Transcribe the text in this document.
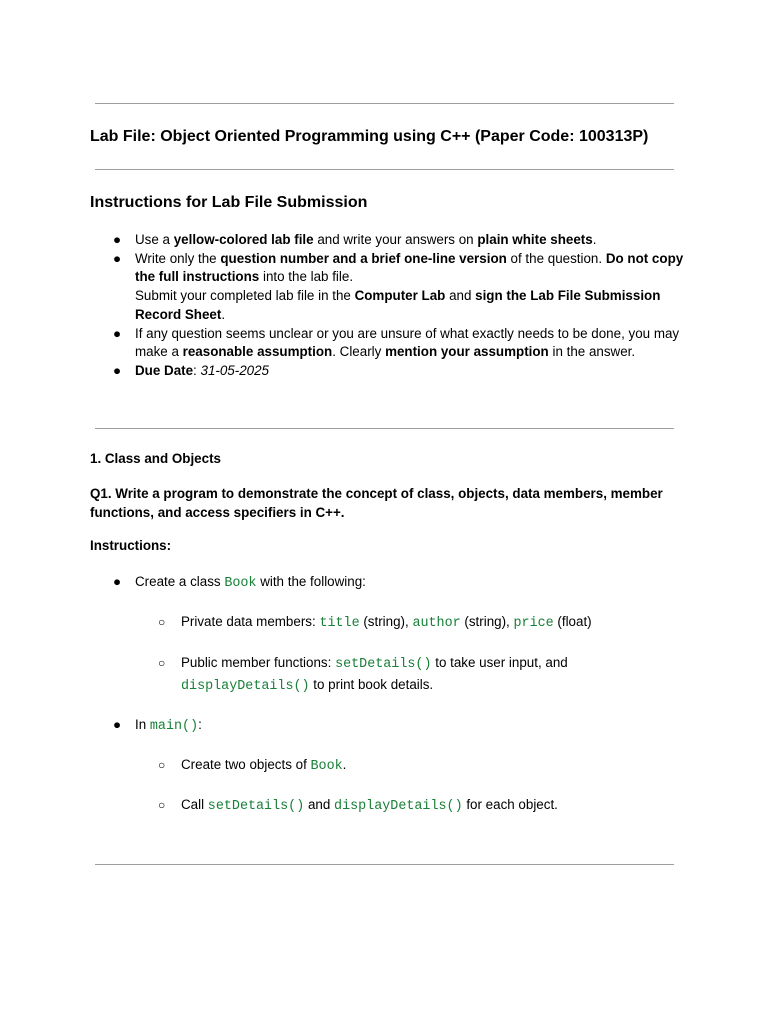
Lab File: Object Oriented Programming using C++ (Paper Code: 100313P)
Instructions for Lab File Submission
● Use a yellow-colored lab file and write your answers on plain white sheets.
● Write only the question number and a brief one-line version of the question. Do not copy the full instructions into the lab file.
Submit your completed lab file in the Computer Lab and sign the Lab File Submission Record Sheet.
● If any question seems unclear or you are unsure of what exactly needs to be done, you may make a reasonable assumption. Clearly mention your assumption in the answer.
● Due Date: 31-05-2025
1. Class and Objects

Q1. Write a program to demonstrate the concept of class, objects, data members, member functions, and access specifiers in C++.

Instructions:

● Create a class Book with the following:
○ Private data members: title (string), author (string), price (float)
○ Public member functions: setDetails() to take user input, and
displayDetails() to print book details.
● In main():
○ Create two objects of Book.
○ Call setDetails() and displayDetails() for each object.
